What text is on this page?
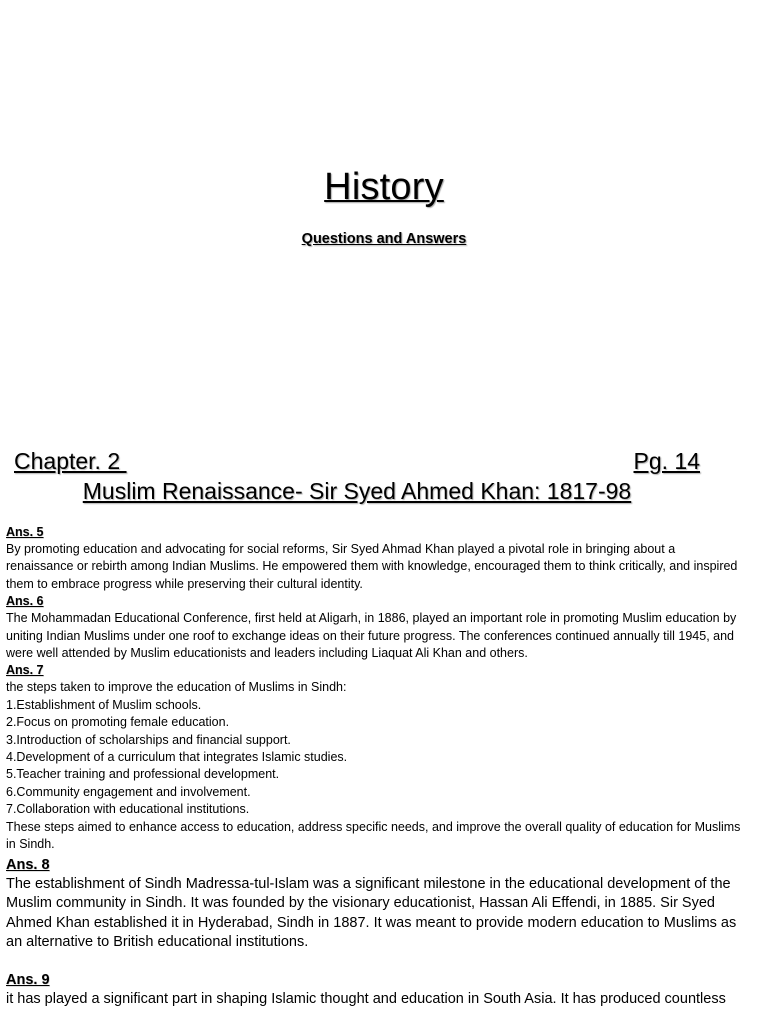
History
Questions and Answers
Chapter. 2	Pg. 14
Muslim Renaissance- Sir Syed Ahmed Khan: 1817-98
Ans. 5

By promoting education and advocating for social reforms, Sir Syed Ahmad Khan played a pivotal role in bringing about a renaissance or rebirth among Indian Muslims. He empowered them with knowledge, encouraged them to think critically, and inspired them to embrace progress while preserving their cultural identity.

Ans. 6

The Mohammadan Educational Conference, first held at Aligarh, in 1886, played an important role in promoting Muslim education by uniting Indian Muslims under one roof to exchange ideas on their future progress. The conferences continued annually till 1945, and were well attended by Muslim educationists and leaders including Liaquat Ali Khan and others.

Ans. 7

the steps taken to improve the education of Muslims in Sindh:

1.Establishment of Muslim schools.
2.Focus on promoting female education.
3.Introduction of scholarships and financial support.
4.Development of a curriculum that integrates Islamic studies.
5.Teacher training and professional development.
6.Community engagement and involvement.
7.Collaboration with educational institutions.

These steps aimed to enhance access to education, address specific needs, and improve the overall quality of education for Muslims in Sindh.

Ans. 8

The establishment of Sindh Madressa-tul-Islam was a significant milestone in the educational development of the Muslim community in Sindh. It was founded by the visionary educationist, Hassan Ali Effendi, in 1885. Sir Syed Ahmed Khan established it in Hyderabad, Sindh in 1887. It was meant to provide modern education to Muslims as an alternative to British educational institutions.

Ans. 9

it has played a significant part in shaping Islamic thought and education in South Asia. It has produced countless
